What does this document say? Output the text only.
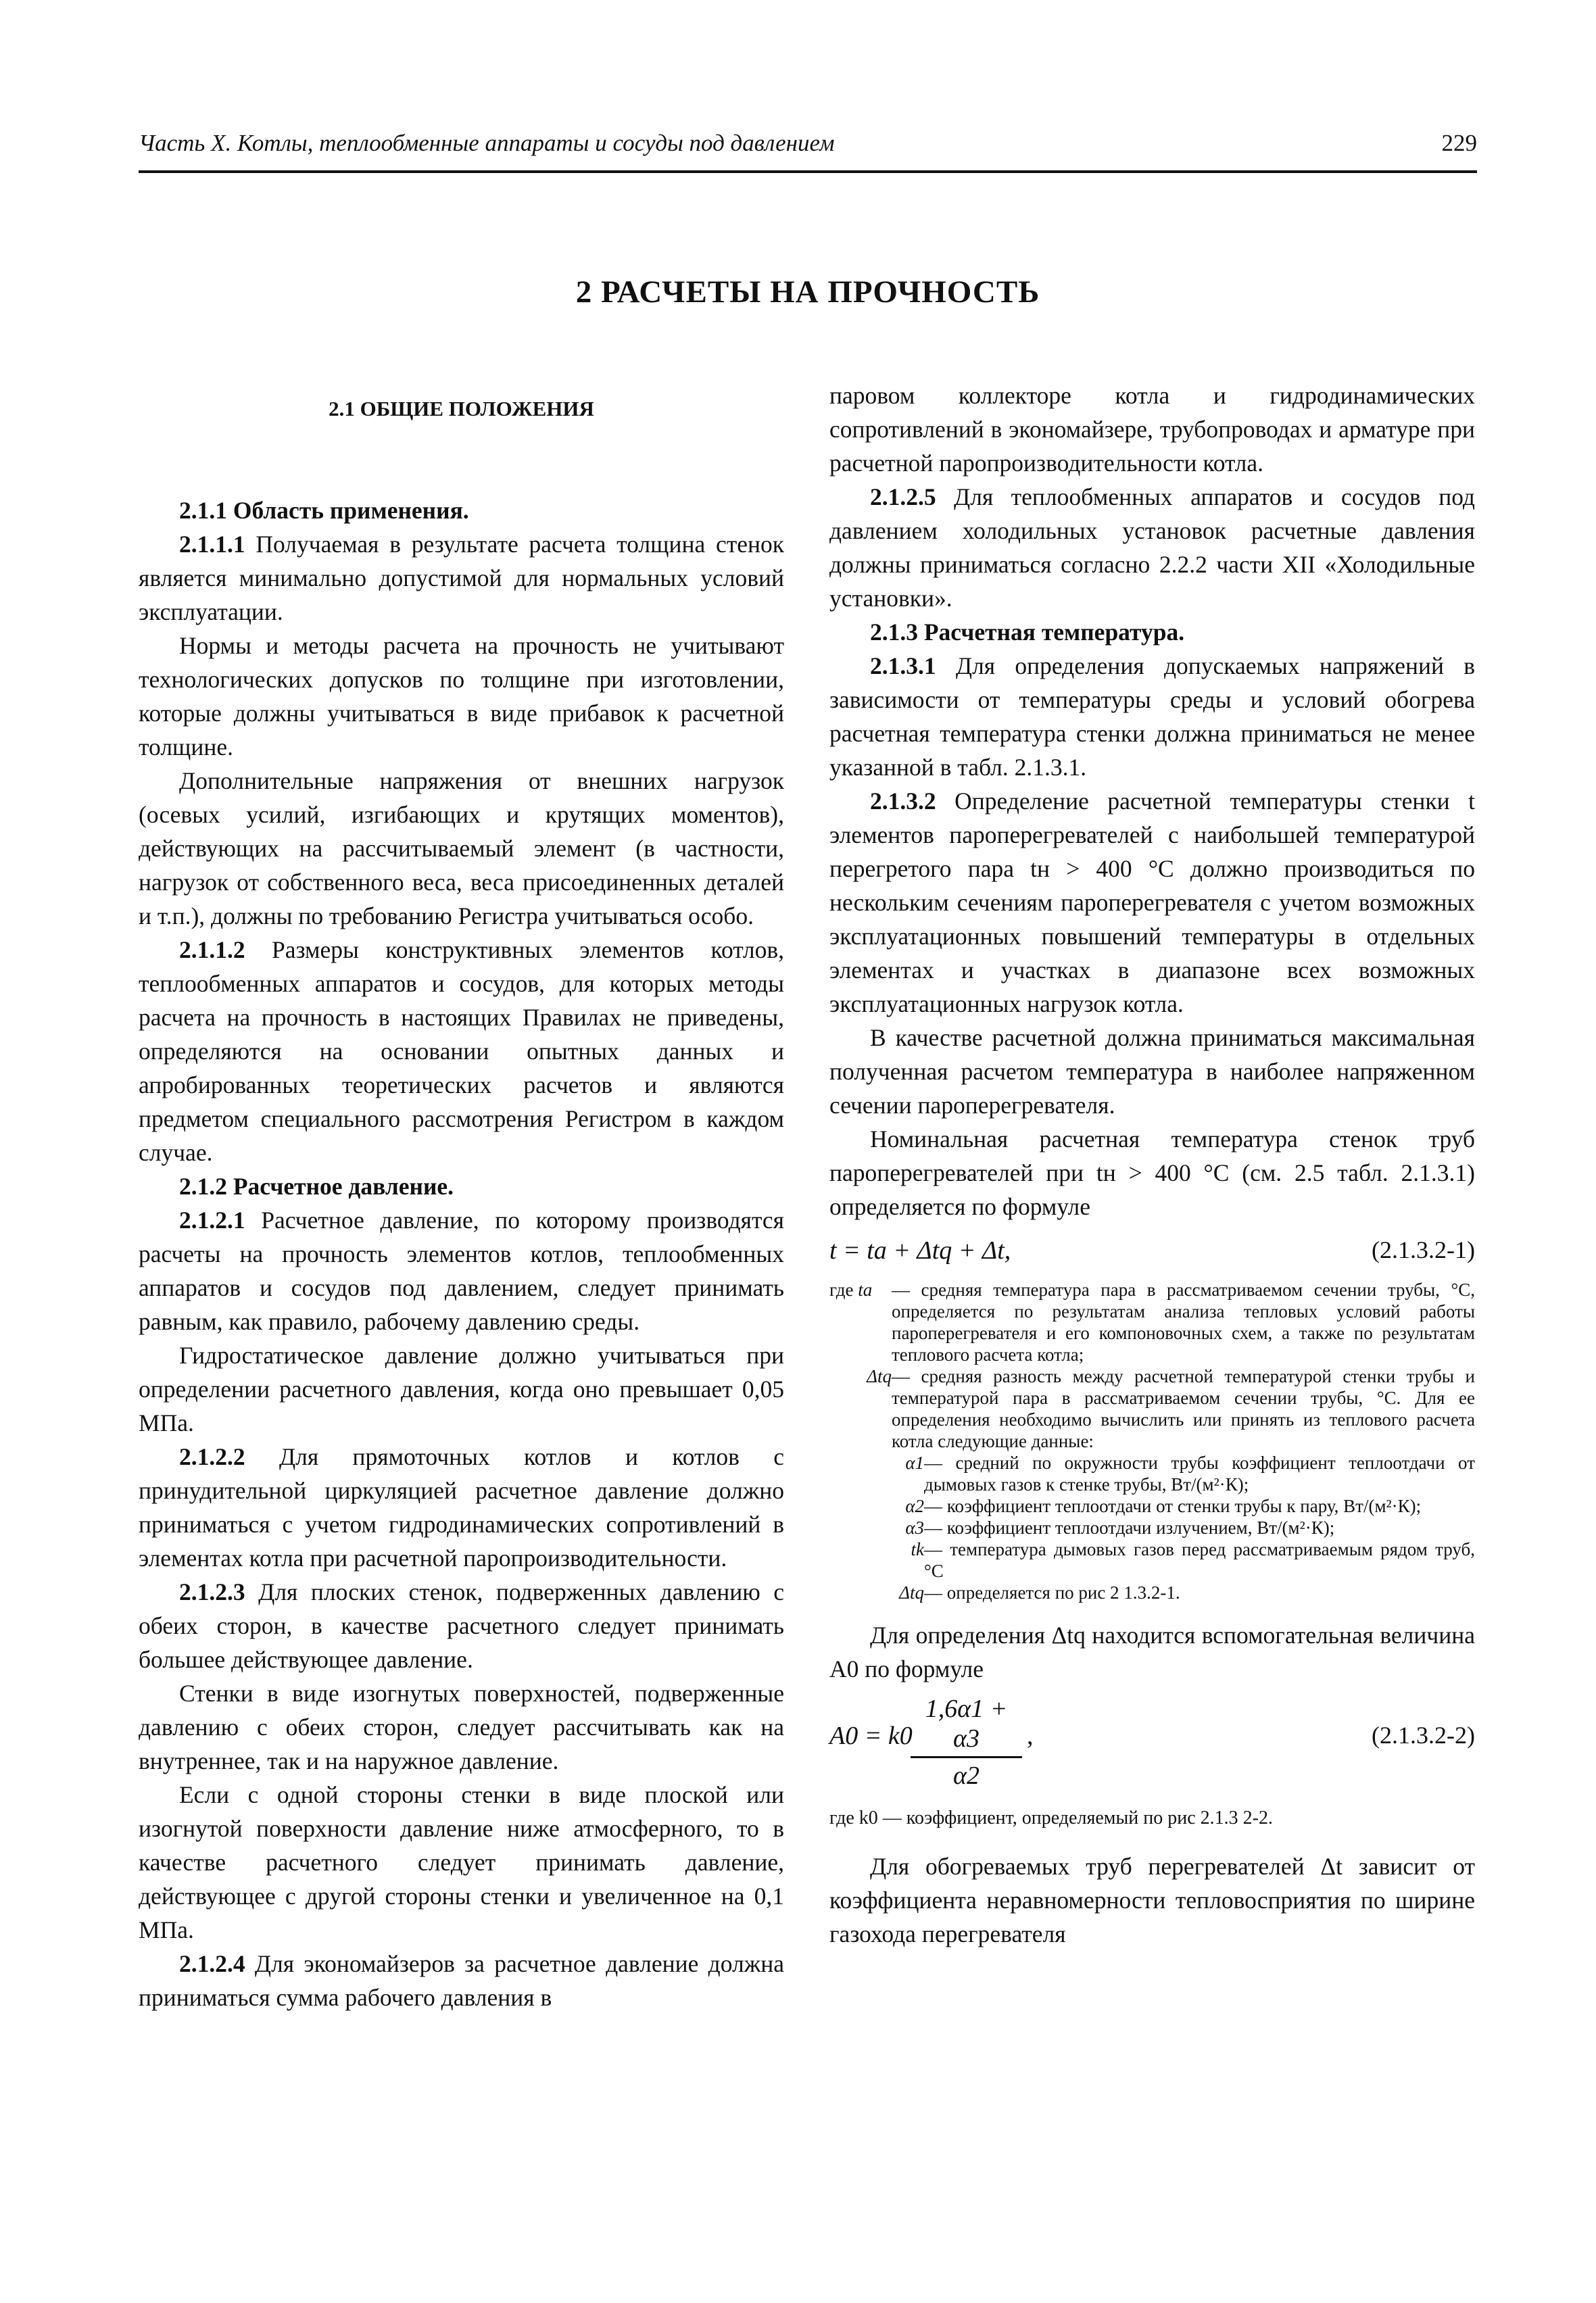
Часть X. Котлы, теплообменные аппараты и сосуды под давлением	229
2 РАСЧЕТЫ НА ПРОЧНОСТЬ

2.1 ОБЩИЕ ПОЛОЖЕНИЯ

2.1.1 Область применения.

2.1.1.1 Получаемая в результате расчета толщина стенок является минимально допустимой для нормальных условий эксплуатации.

Нормы и методы расчета на прочность не учитывают технологических допусков по толщине при изготовлении, которые должны учитываться в виде прибавок к расчетной толщине.

Дополнительные напряжения от внешних нагрузок (осевых усилий, изгибающих и крутящих моментов), действующих на рассчитываемый элемент (в частности, нагрузок от собственного веса, веса присоединенных деталей и т.п.), должны по требованию Регистра учитываться особо.

2.1.1.2 Размеры конструктивных элементов котлов, теплообменных аппаратов и сосудов, для которых методы расчета на прочность в настоящих Правилах не приведены, определяются на основании опытных данных и апробированных теоретических расчетов и являются предметом специального рассмотрения Регистром в каждом случае.

2.1.2 Расчетное давление.

2.1.2.1 Расчетное давление, по которому производятся расчеты на прочность элементов котлов, теплообменных аппаратов и сосудов под давлением, следует принимать равным, как правило, рабочему давлению среды.

Гидростатическое давление должно учитываться при определении расчетного давления, когда оно превышает 0,05 МПа.

2.1.2.2 Для прямоточных котлов и котлов с принудительной циркуляцией расчетное давление должно приниматься с учетом гидродинамических сопротивлений в элементах котла при расчетной паропроизводительности.

2.1.2.3 Для плоских стенок, подверженных давлению с обеих сторон, в качестве расчетного следует принимать большее действующее давление.

Стенки в виде изогнутых поверхностей, подверженные давлению с обеих сторон, следует рассчитывать как на внутреннее, так и на наружное давление.

Если с одной стороны стенки в виде плоской или изогнутой поверхности давление ниже атмосферного, то в качестве расчетного следует принимать давление, действующее с другой стороны стенки и увеличенное на 0,1 МПа.

2.1.2.4 Для экономайзеров за расчетное давление должна приниматься сумма рабочего давления в

паровом коллекторе котла и гидродинамических сопротивлений в экономайзере, трубопроводах и арматуре при расчетной паропроизводительности котла.

2.1.2.5 Для теплообменных аппаратов и сосудов под давлением холодильных установок расчетные давления должны приниматься согласно 2.2.2 части XII «Холодильные установки».

2.1.3 Расчетная температура.

2.1.3.1 Для определения допускаемых напряжений в зависимости от температуры среды и условий обогрева расчетная температура стенки должна приниматься не менее указанной в табл. 2.1.3.1.

2.1.3.2 Определение расчетной температуры стенки t элементов пароперегревателей с наибольшей температурой перегретого пара tн > 400 °C должно производиться по нескольким сечениям пароперегревателя с учетом возможных эксплуатационных повышений температуры в отдельных элементах и участках в диапазоне всех возможных эксплуатационных нагрузок котла.

В качестве расчетной должна приниматься максимальная полученная расчетом температура в наиболее напряженном сечении пароперегревателя.

Номинальная расчетная температура стенок труб пароперегревателей при tн > 400 °C (см. 2.5 табл. 2.1.3.1) определяется по формуле

t = ta + Δtq + Δt,	(2.1.3.2-1)
где ta	— средняя температура пара в рассматриваемом сечении трубы, °C, определяется по результатам анализа тепловых условий работы пароперегревателя и его компоновочных схем, а также по результатам теплового расчета котла;
Δtq — средняя разность между расчетной температурой стенки трубы и температурой пара в рассматриваемом сечении трубы, °C. Для ее определения необходимо вычислить или принять из теплового расчета котла следующие данные:
α1 — средний по окружности трубы коэффициент теплоотдачи от дымовых газов к стенке трубы, Вт/(м²·К);
α2 — коэффициент теплоотдачи от стенки трубы к пару, Вт/(м²·К);
α3 — коэффициент теплоотдачи излучением, Вт/(м²·К);
tk — температура дымовых газов перед рассматриваемым рядом труб, °C
Δtq — определяется по рис 2 1.3.2-1.

Для определения Δtq находится вспомогательная величина A0 по формуле

A0 = k0
$\frac{1,6\alpha 1 + \alpha 3}{\alpha 2}$ ,	(2.1.3.2-2)

где k0 — коэффициент, определяемый по рис 2.1.3 2-2.

Для обогреваемых труб перегревателей Δt зависит от коэффициента неравномерности тепловосприятия по ширине газохода перегревателя
